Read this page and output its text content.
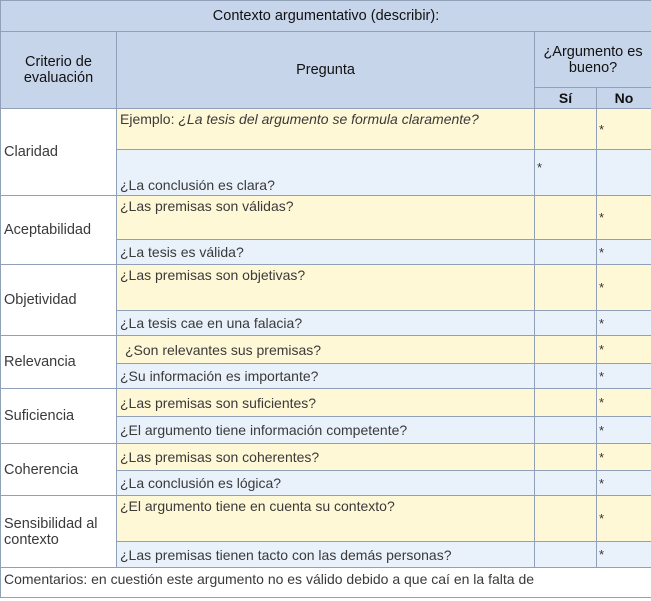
Contexto argumentativo (describir):			
Criterio de evaluación	Pregunta	¿Argumento es bueno?	
		Sí	No
Claridad	Ejemplo: ¿La tesis del argumento se formula claramente?		*
	¿La conclusión es clara?	*	
Aceptabilidad	¿Las premisas son válidas?		*
	¿La tesis es válida?		*
Objetividad	¿Las premisas son objetivas?		*
	¿La tesis cae en una falacia?		*
Relevancia	¿Son relevantes sus premisas?		*
	¿Su información es importante?		*
Suficiencia	¿Las premisas son suficientes?		*
	¿El argumento tiene información competente?		*
Coherencia	¿Las premisas son coherentes?		*
	¿La conclusión es lógica?		*
Sensibilidad al contexto	¿El argumento tiene en cuenta su contexto?		*
	¿Las premisas tienen tacto con las demás personas?		*
Comentarios: en cuestión este argumento no es válido debido a que caí en la falta de			
